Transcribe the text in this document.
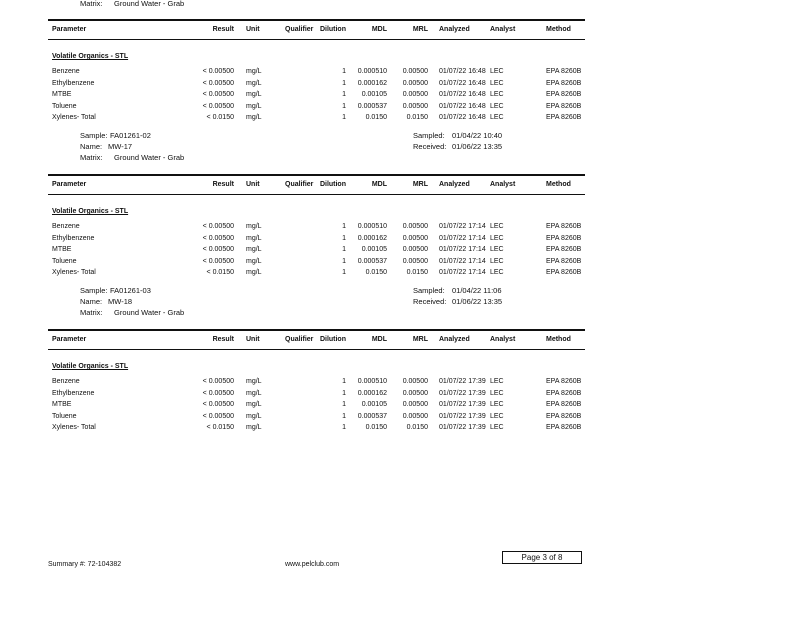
Matrix: Ground Water - Grab
Parameter	Result Unit	Qualifier Dilution	MDL	MRL Analyzed	Analyst	Method
Volatile Organics - STL
Benzene	< 0.00500 mg/L	1	0.000510	0.00500 01/07/22 16:48 LEC	EPA 8260B
Ethylbenzene	< 0.00500 mg/L	1	0.000162	0.00500 01/07/22 16:48 LEC	EPA 8260B
MTBE	< 0.00500 mg/L	1	0.00105	0.00500 01/07/22 16:48 LEC	EPA 8260B
Toluene	< 0.00500 mg/L	1	0.000537	0.00500 01/07/22 16:48 LEC	EPA 8260B
Xylenes- Total	< 0.0150 mg/L	1	0.0150	0.0150 01/07/22 16:48 LEC	EPA 8260B
Sample: FA01261-02
Name: MW-17
Matrix: Ground Water - Grab
Sampled: 01/04/22 10:40
Received: 01/06/22 13:35
Parameter	Result Unit	Qualifier Dilution	MDL	MRL Analyzed	Analyst	Method
Volatile Organics - STL
Benzene	< 0.00500 mg/L	1	0.000510	0.00500 01/07/22 17:14 LEC	EPA 8260B
Ethylbenzene	< 0.00500 mg/L	1	0.000162	0.00500 01/07/22 17:14 LEC	EPA 8260B
MTBE	< 0.00500 mg/L	1	0.00105	0.00500 01/07/22 17:14 LEC	EPA 8260B
Toluene	< 0.00500 mg/L	1	0.000537	0.00500 01/07/22 17:14 LEC	EPA 8260B
Xylenes- Total	< 0.0150 mg/L	1	0.0150	0.0150 01/07/22 17:14 LEC	EPA 8260B
Sample: FA01261-03
Name: MW-18
Matrix: Ground Water - Grab
Sampled: 01/04/22 11:06
Received: 01/06/22 13:35
Parameter	Result Unit	Qualifier Dilution	MDL	MRL Analyzed	Analyst	Method
Volatile Organics - STL
Benzene	< 0.00500 mg/L	1	0.000510	0.00500 01/07/22 17:39 LEC	EPA 8260B
Ethylbenzene	< 0.00500 mg/L	1	0.000162	0.00500 01/07/22 17:39 LEC	EPA 8260B
MTBE	< 0.00500 mg/L	1	0.00105	0.00500 01/07/22 17:39 LEC	EPA 8260B
Toluene	< 0.00500 mg/L	1	0.000537	0.00500 01/07/22 17:39 LEC	EPA 8260B
Xylenes- Total	< 0.0150 mg/L	1	0.0150	0.0150 01/07/22 17:39 LEC	EPA 8260B
Summary #: 72-104382	www.pelclub.com
Page 3 of 8
